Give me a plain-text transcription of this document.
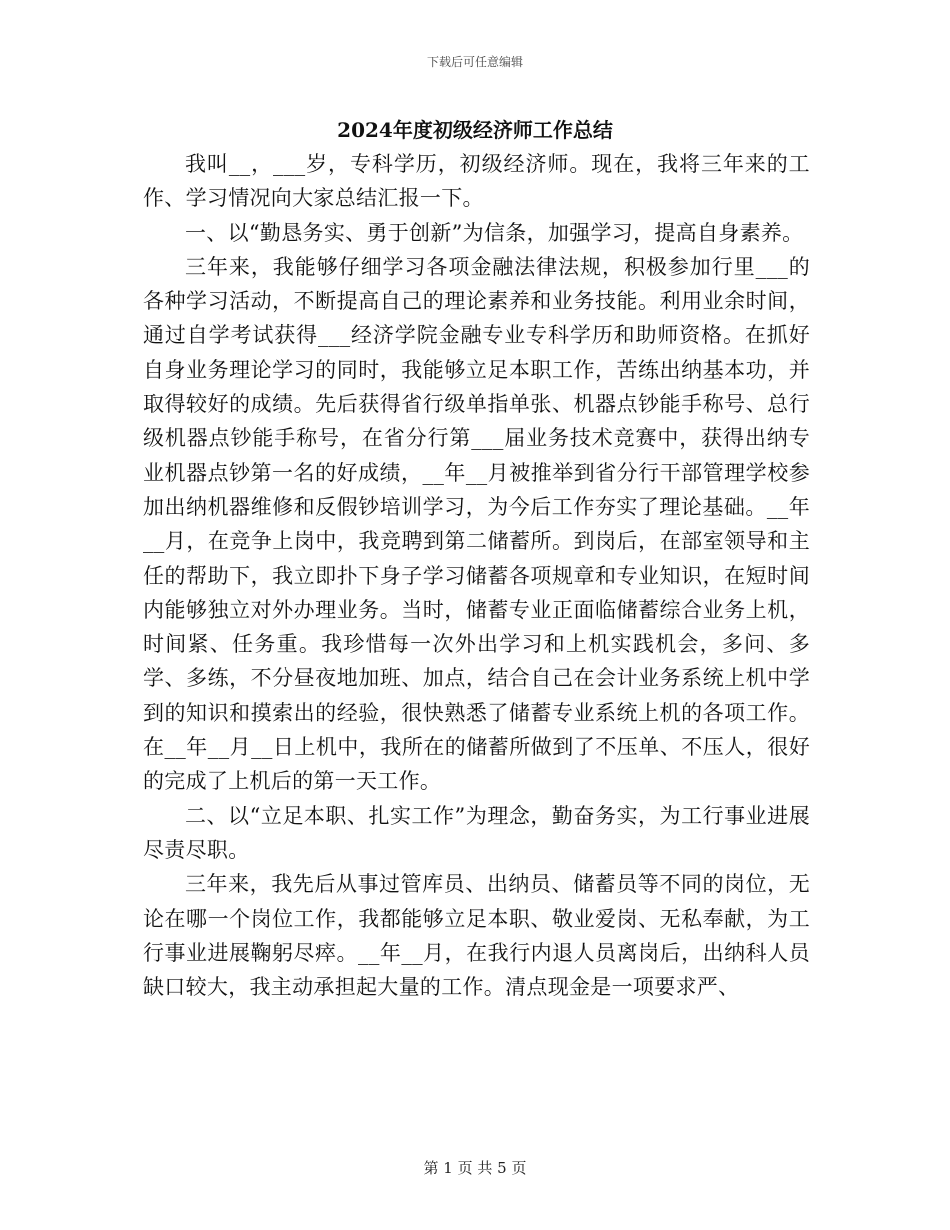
下载后可任意编辑
2024年度初级经济师工作总结

我叫__，___岁，专科学历，初级经济师。现在，我将三年来的工作、学习情况向大家总结汇报一下。

一、以“勤恳务实、勇于创新”为信条，加强学习，提高自身素养。

三年来，我能够仔细学习各项金融法律法规，积极参加行里___的各种学习活动，不断提高自己的理论素养和业务技能。利用业余时间，通过自学考试获得___经济学院金融专业专科学历和助师资格。在抓好自身业务理论学习的同时，我能够立足本职工作，苦练出纳基本功，并取得较好的成绩。先后获得省行级单指单张、机器点钞能手称号、总行级机器点钞能手称号，在省分行第___届业务技术竞赛中，获得出纳专业机器点钞第一名的好成绩，__年__月被推举到省分行干部管理学校参加出纳机器维修和反假钞培训学习，为今后工作夯实了理论基础。__年__月，在竞争上岗中，我竞聘到第二储蓄所。到岗后，在部室领导和主任的帮助下，我立即扑下身子学习储蓄各项规章和专业知识，在短时间内能够独立对外办理业务。当时，储蓄专业正面临储蓄综合业务上机，时间紧、任务重。我珍惜每一次外出学习和上机实践机会，多问、多学、多练，不分昼夜地加班、加点，结合自己在会计业务系统上机中学到的知识和摸索出的经验，很快熟悉了储蓄专业系统上机的各项工作。在__年__月__日上机中，我所在的储蓄所做到了不压单、不压人，很好的完成了上机后的第一天工作。

二、以“立足本职、扎实工作”为理念，勤奋务实，为工行事业进展尽责尽职。

三年来，我先后从事过管库员、出纳员、储蓄员等不同的岗位，无论在哪一个岗位工作，我都能够立足本职、敬业爱岗、无私奉献，为工行事业进展鞠躬尽瘁。__年__月，在我行内退人员离岗后，出纳科人员缺口较大，我主动承担起大量的工作。清点现金是一项要求严、

第 1 页 共 5 页
